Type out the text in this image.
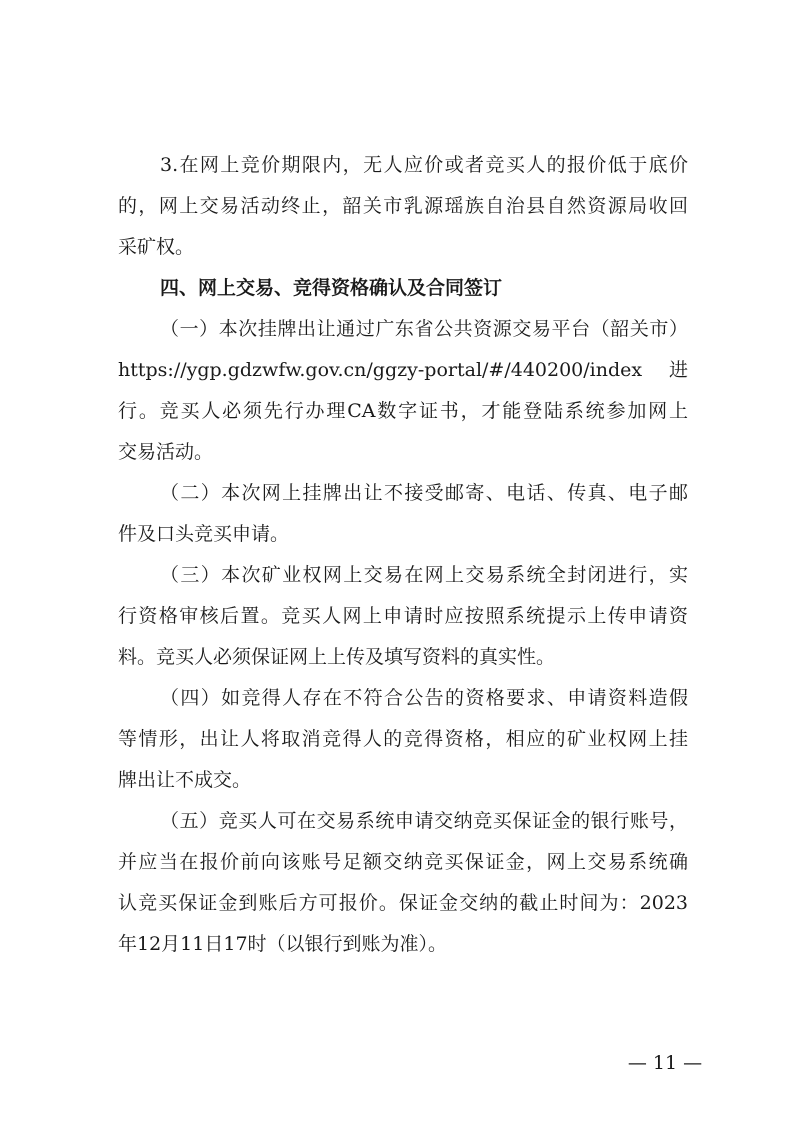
3.在网上竞价期限内，无人应价或者竞买人的报价低于底价
的，网上交易活动终止，韶关市乳源瑶族自治县自然资源局收回
采矿权。
四、网上交易、竞得资格确认及合同签订
（一）本次挂牌出让通过广东省公共资源交易平台（韶关市）
https://ygp.gdzwfw.gov.cn/ggzy-portal/#/440200/index 进
行。竞买人必须先行办理CA数字证书，才能登陆系统参加网上
交易活动。
（二）本次网上挂牌出让不接受邮寄、电话、传真、电子邮
件及口头竞买申请。
（三）本次矿业权网上交易在网上交易系统全封闭进行，实
行资格审核后置。竞买人网上申请时应按照系统提示上传申请资
料。竞买人必须保证网上上传及填写资料的真实性。
（四）如竞得人存在不符合公告的资格要求、申请资料造假
等情形，出让人将取消竞得人的竞得资格，相应的矿业权网上挂
牌出让不成交。
（五）竞买人可在交易系统申请交纳竞买保证金的银行账号，
并应当在报价前向该账号足额交纳竞买保证金，网上交易系统确
认竞买保证金到账后方可报价。保证金交纳的截止时间为：2023
年12月11日17时（以银行到账为准）。
— 11 —
